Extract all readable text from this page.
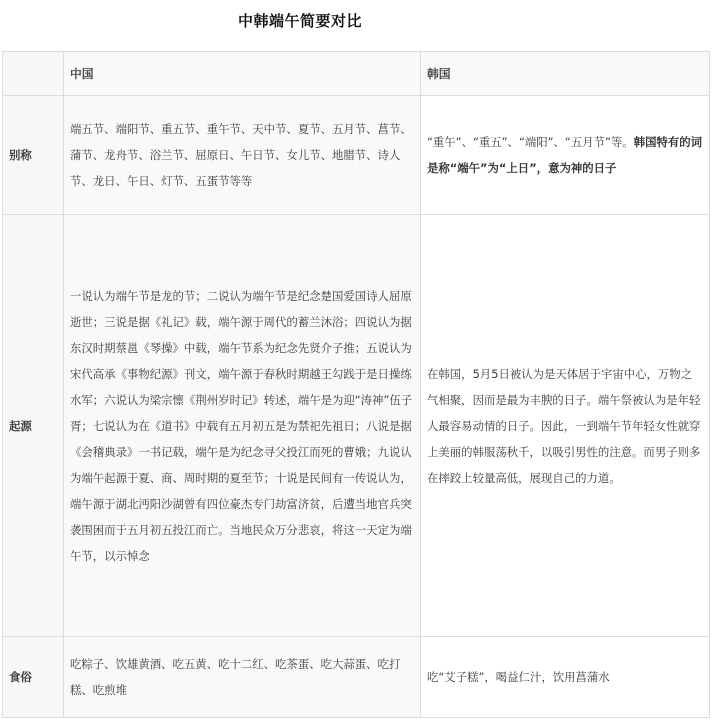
中韩端午简要对比
	中国	韩国
别称	端五节、端阳节、重五节、重午节、天中节、夏节、五月节、菖节、蒲节、龙舟节、浴兰节、屈原日、午日节、女儿节、地腊节、诗人节、龙日、午日、灯节、五蛋节等等	“重午”、“重五”、“端阳”、“五月节”等。韩国特有的词是称“端午”为“上日”，意为神的日子
起源	一说认为端午节是龙的节；二说认为端午节是纪念楚国爱国诗人屈原逝世；三说是据《礼记》载，端午源于周代的蓄兰沐浴；四说认为据东汉时期蔡邕《琴操》中载，端午节系为纪念先贤介子推；五说认为宋代高承《事物纪源》刊文，端午源于春秋时期越王勾践于是日操练水军；六说认为梁宗懔《荆州岁时记》转述，端午是为迎“涛神”伍子胥；七说认为在《道书》中载有五月初五是为禁祀先祖日；八说是据《会稽典录》一书记载，端午是为纪念寻父投江而死的曹娥；九说认为端午起源于夏、商、周时期的夏至节；十说是民间有一传说认为，端午源于湖北沔阳沙湖曾有四位豪杰专门劫富济贫，后遭当地官兵突袭围困而于五月初五投江而亡。当地民众万分悲哀，将这一天定为端午节，以示悼念	在韩国，5月5日被认为是天体居于宇宙中心，万物之气相聚，因而是最为丰腴的日子。端午祭被认为是年轻人最容易动情的日子。因此，一到端午节年轻女性就穿上美丽的韩服荡秋千，以吸引男性的注意。而男子则多在摔跤上较量高低，展现自己的力道。
食俗	吃粽子、饮雄黄酒、吃五黄、吃十二红、吃茶蛋、吃大蒜蛋、吃打糕、吃煎堆	吃“艾子糕”，喝益仁汁，饮用菖蒲水
